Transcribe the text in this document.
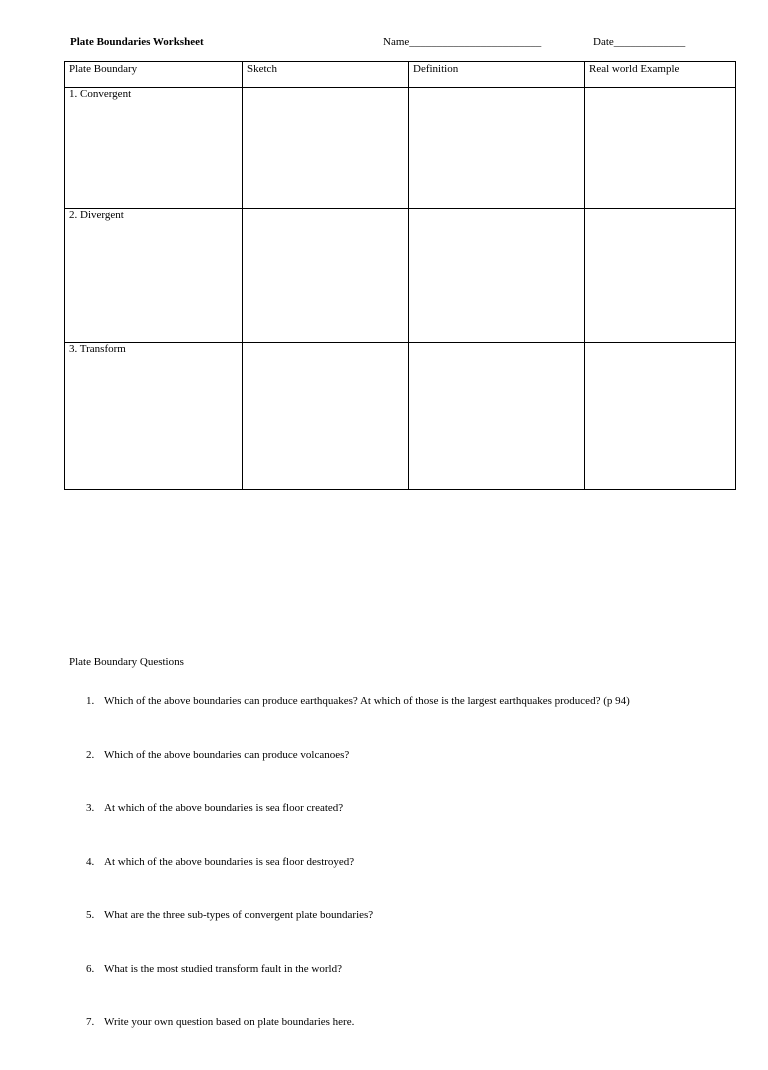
Plate Boundaries Worksheet	Name________________________	Date_____________
Plate Boundary	Sketch	Definition	Real world Example
1. Convergent			
2. Divergent			
3. Transform			
Plate Boundary Questions
1. Which of the above boundaries can produce earthquakes? At which of those is the largest earthquakes produced? (p 94)
2. Which of the above boundaries can produce volcanoes?
3. At which of the above boundaries is sea floor created?
4. At which of the above boundaries is sea floor destroyed?
5. What are the three sub-types of convergent plate boundaries?
6. What is the most studied transform fault in the world?
7. Write your own question based on plate boundaries here.
